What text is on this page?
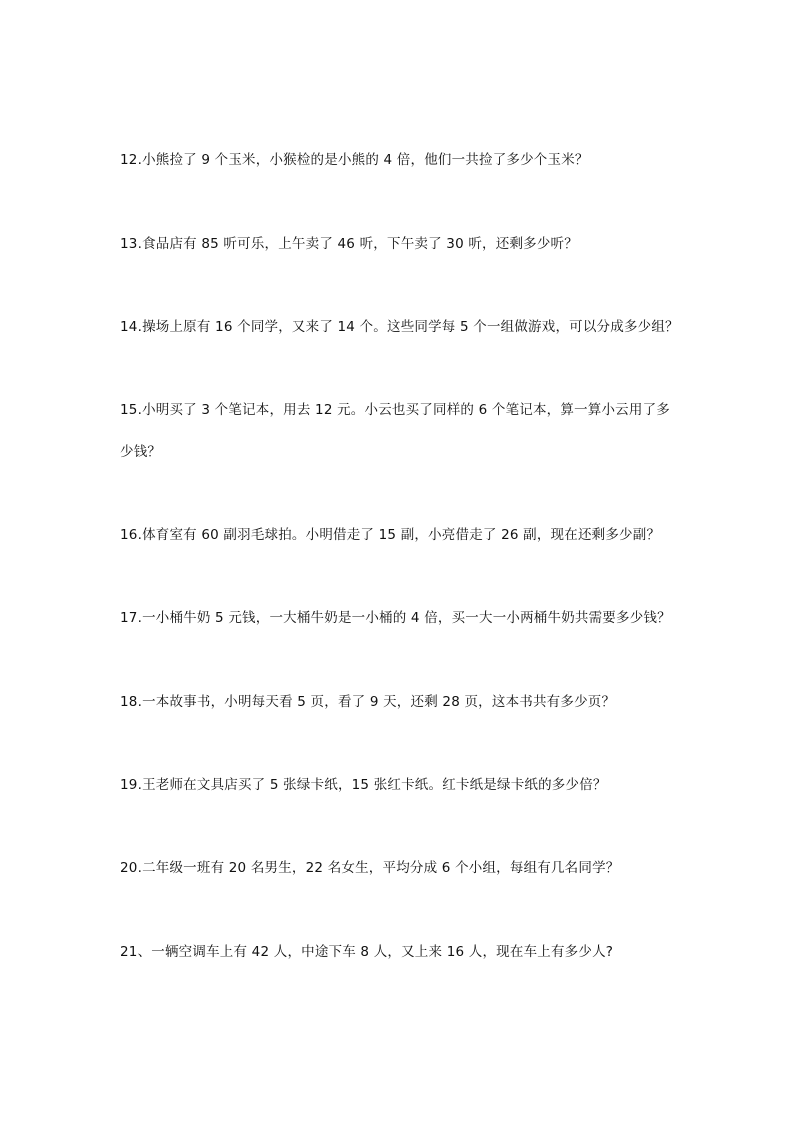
12.小熊捡了 9 个玉米，小猴检的是小熊的 4 倍，他们一共捡了多少个玉米？
13.食品店有 85 听可乐，上午卖了 46 听，下午卖了 30 听，还剩多少听？
14.操场上原有 16 个同学，又来了 14 个。这些同学每 5 个一组做游戏，可以分成多少组？
15.小明买了 3 个笔记本，用去 12 元。小云也买了同样的 6 个笔记本，算一算小云用了多
少钱？
16.体育室有 60 副羽毛球拍。小明借走了 15 副，小亮借走了 26 副，现在还剩多少副？
17.一小桶牛奶 5 元钱，一大桶牛奶是一小桶的 4 倍，买一大一小两桶牛奶共需要多少钱？
18.一本故事书，小明每天看 5 页，看了 9 天，还剩 28 页，这本书共有多少页？
19.王老师在文具店买了 5 张绿卡纸，15 张红卡纸。红卡纸是绿卡纸的多少倍？
20.二年级一班有 20 名男生，22 名女生，平均分成 6 个小组，每组有几名同学？
21、一辆空调车上有 42 人，中途下车 8 人，又上来 16 人，现在车上有多少人?
